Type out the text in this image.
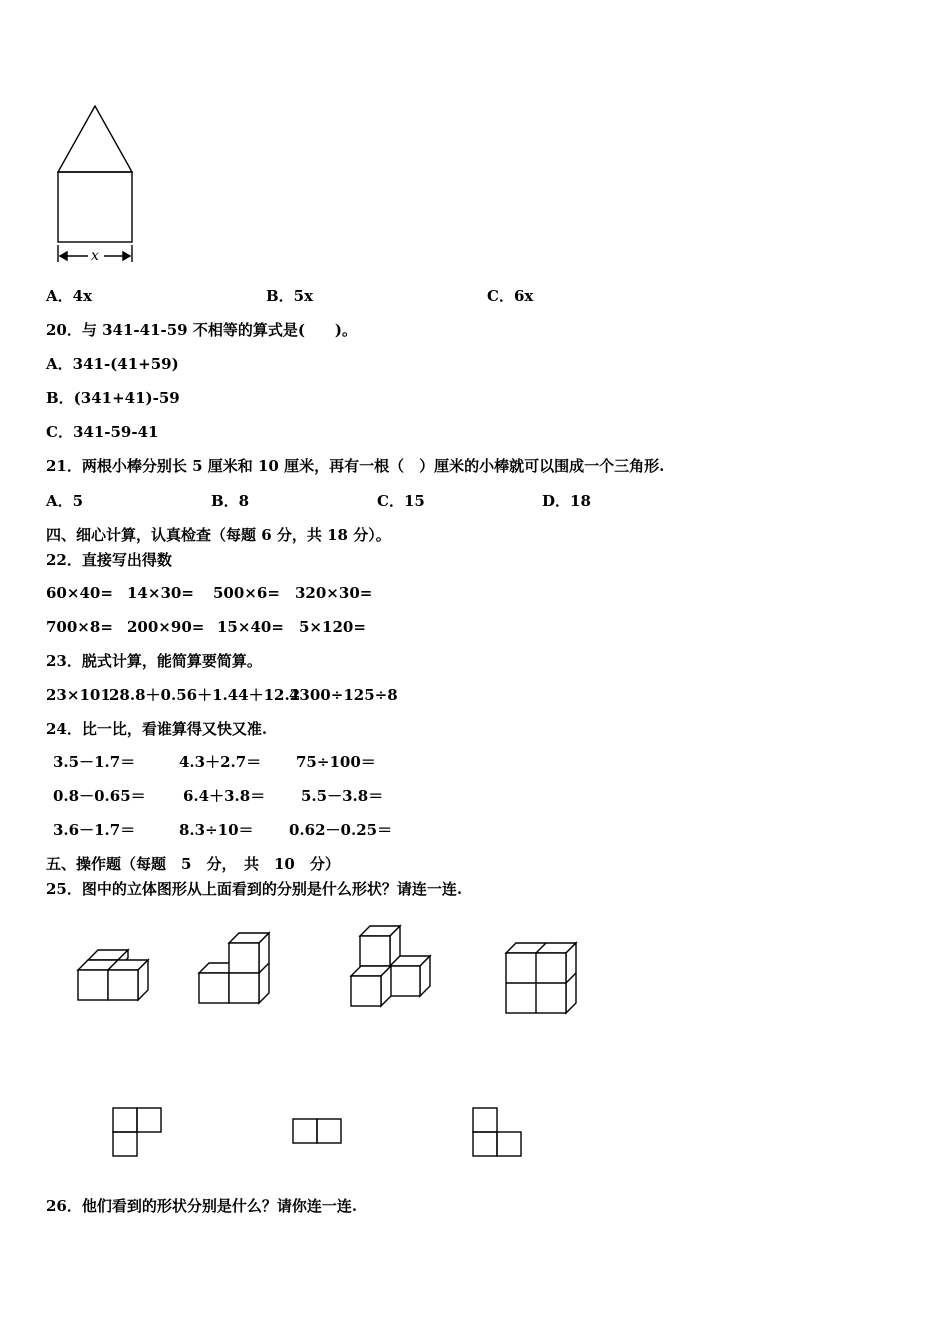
x
A．4x	B．5x	C．6x
20．与 341-41-59 不相等的算式是(　　)。
A．341-(41+59)
B．(341+41)-59
C．341-59-41
21．两根小棒分别长 5 厘米和 10 厘米，再有一根（　）厘米的小棒就可以围成一个三角形.
A．5	B．8	C．15	D．18
四、细心计算，认真检查（每题 6 分，共 18 分）。
22．直接写出得数
60×40= 14×30= 500×6= 320×30=
700×8= 200×90= 15×40= 5×120=
23．脱式计算，能简算要简算。
23×101
28.8＋0.56＋1.44＋12.2
4300÷125÷8
24．比一比，看谁算得又快又准.
3.5－1.7＝	4.3＋2.7＝ 75÷100＝
0.8－0.65＝ 6.4＋3.8＝ 5.5－3.8＝
3.6－1.7＝	8.3÷10＝ 0.62－0.25＝
五、操作题（每题　5　分，　共　10　分）
25．图中的立体图形从上面看到的分别是什么形状？请连一连.
26．他们看到的形状分别是什么？请你连一连.
